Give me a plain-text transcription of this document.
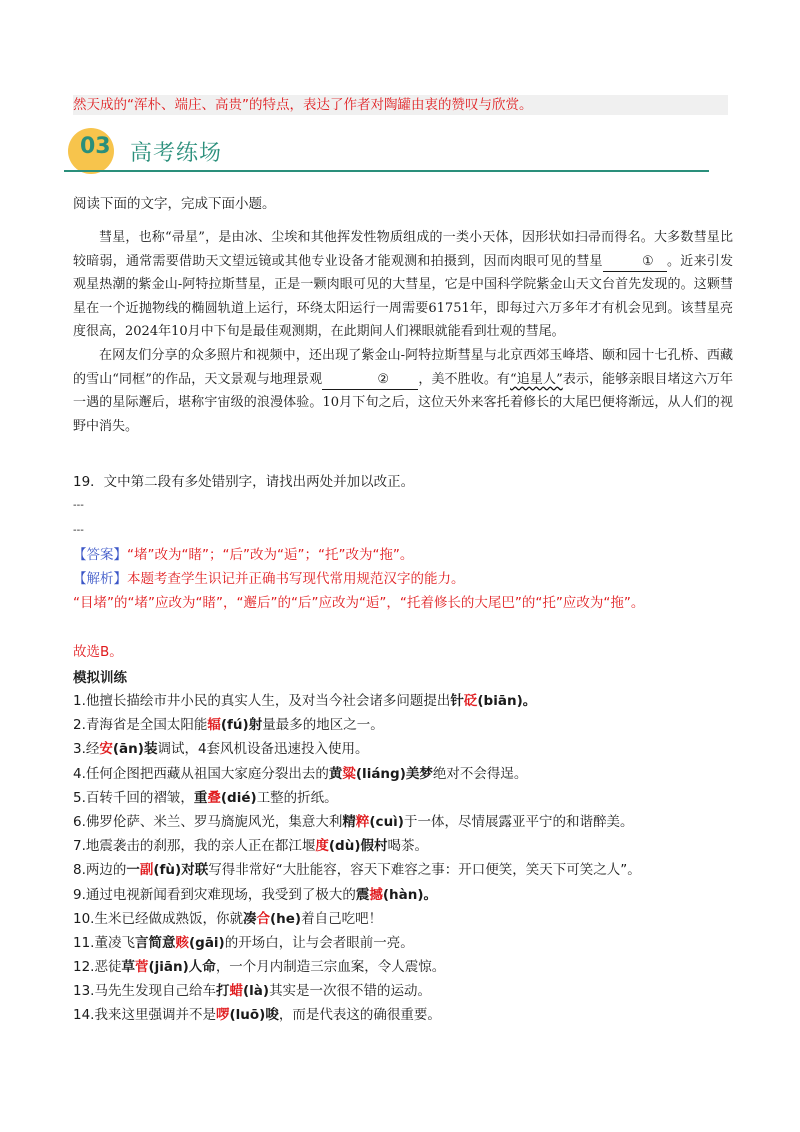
然天成的“浑朴、端庄、高贵”的特点，表达了作者对陶罐由衷的赞叹与欣赏。
03 高考练场
阅读下面的文字，完成下面小题。

彗星，也称“帚星”，是由冰、尘埃和其他挥发性物质组成的一类小天体，因形状如扫帚而得名。大多数彗星比较暗弱，通常需要借助天文望远镜或其他专业设备才能观测和拍摄到，因而肉眼可见的彗星	① 。近来引发观星热潮的紫金山-阿特拉斯彗星，正是一颗肉眼可见的大彗星，它是中国科学院紫金山天文台首先发现的。这颗彗星在一个近抛物线的椭圆轨道上运行，环绕太阳运行一周需要61751年，即每过六万多年才有机会见到。该彗星亮度很高，2024年10月中下旬是最佳观测期，在此期间人们裸眼就能看到壮观的彗尾。

在网友们分享的众多照片和视频中，还出现了紫金山-阿特拉斯彗星与北京西郊玉峰塔、颐和园十七孔桥、西藏的雪山“同框”的作品，天文景观与地理景观	② ，美不胜收。有“追星人”表示，能够亲眼目堵这六万年一遇的星际邂后，堪称宇宙级的浪漫体验。10月下旬之后，这位天外来客托着修长的大尾巴便将渐远，从人们的视野中消失。

19．文中第二段有多处错别字，请找出两处并加以改正。
---
---
【答案】“堵”改为“睹”；“后”改为“逅”；“托”改为“拖”。
【解析】本题考查学生识记并正确书写现代常用规范汉字的能力。
“目堵”的“堵”应改为“睹”，“邂后”的“后”应改为“逅”，“托着修长的大尾巴”的“托”应改为“拖”。
故选B。
模拟训练
1.他擅长描绘市井小民的真实人生，及对当今社会诸多问题提出针砭(biān)。
2.青海省是全国太阳能辐(fú)射量最多的地区之一。
3.经安(ān)装调试，4套风机设备迅速投入使用。
4.任何企图把西藏从祖国大家庭分裂出去的黄粱(liáng)美梦绝对不会得逞。
5.百转千回的褶皱，重叠(dié)工整的折纸。
6.佛罗伦萨、米兰、罗马旖旎风光，集意大利精粹(cuì)于一体，尽情展露亚平宁的和谐醉美。
7.地震袭击的刹那，我的亲人正在都江堰度(dù)假村喝茶。
8.两边的一副(fù)对联写得非常好“大肚能容，容天下难容之事：开口便笑，笑天下可笑之人”。
9.通过电视新闻看到灾难现场，我受到了极大的震撼(hàn)。
10.生米已经做成熟饭，你就凑合(he)着自己吃吧！
11.董凌飞言简意赅(gāi)的开场白，让与会者眼前一亮。
12.恶徒草菅(jiān)人命，一个月内制造三宗血案，令人震惊。
13.马先生发现自己给车打蜡(là)其实是一次很不错的运动。
14.我来这里强调并不是啰(luō)唆，而是代表这的确很重要。
